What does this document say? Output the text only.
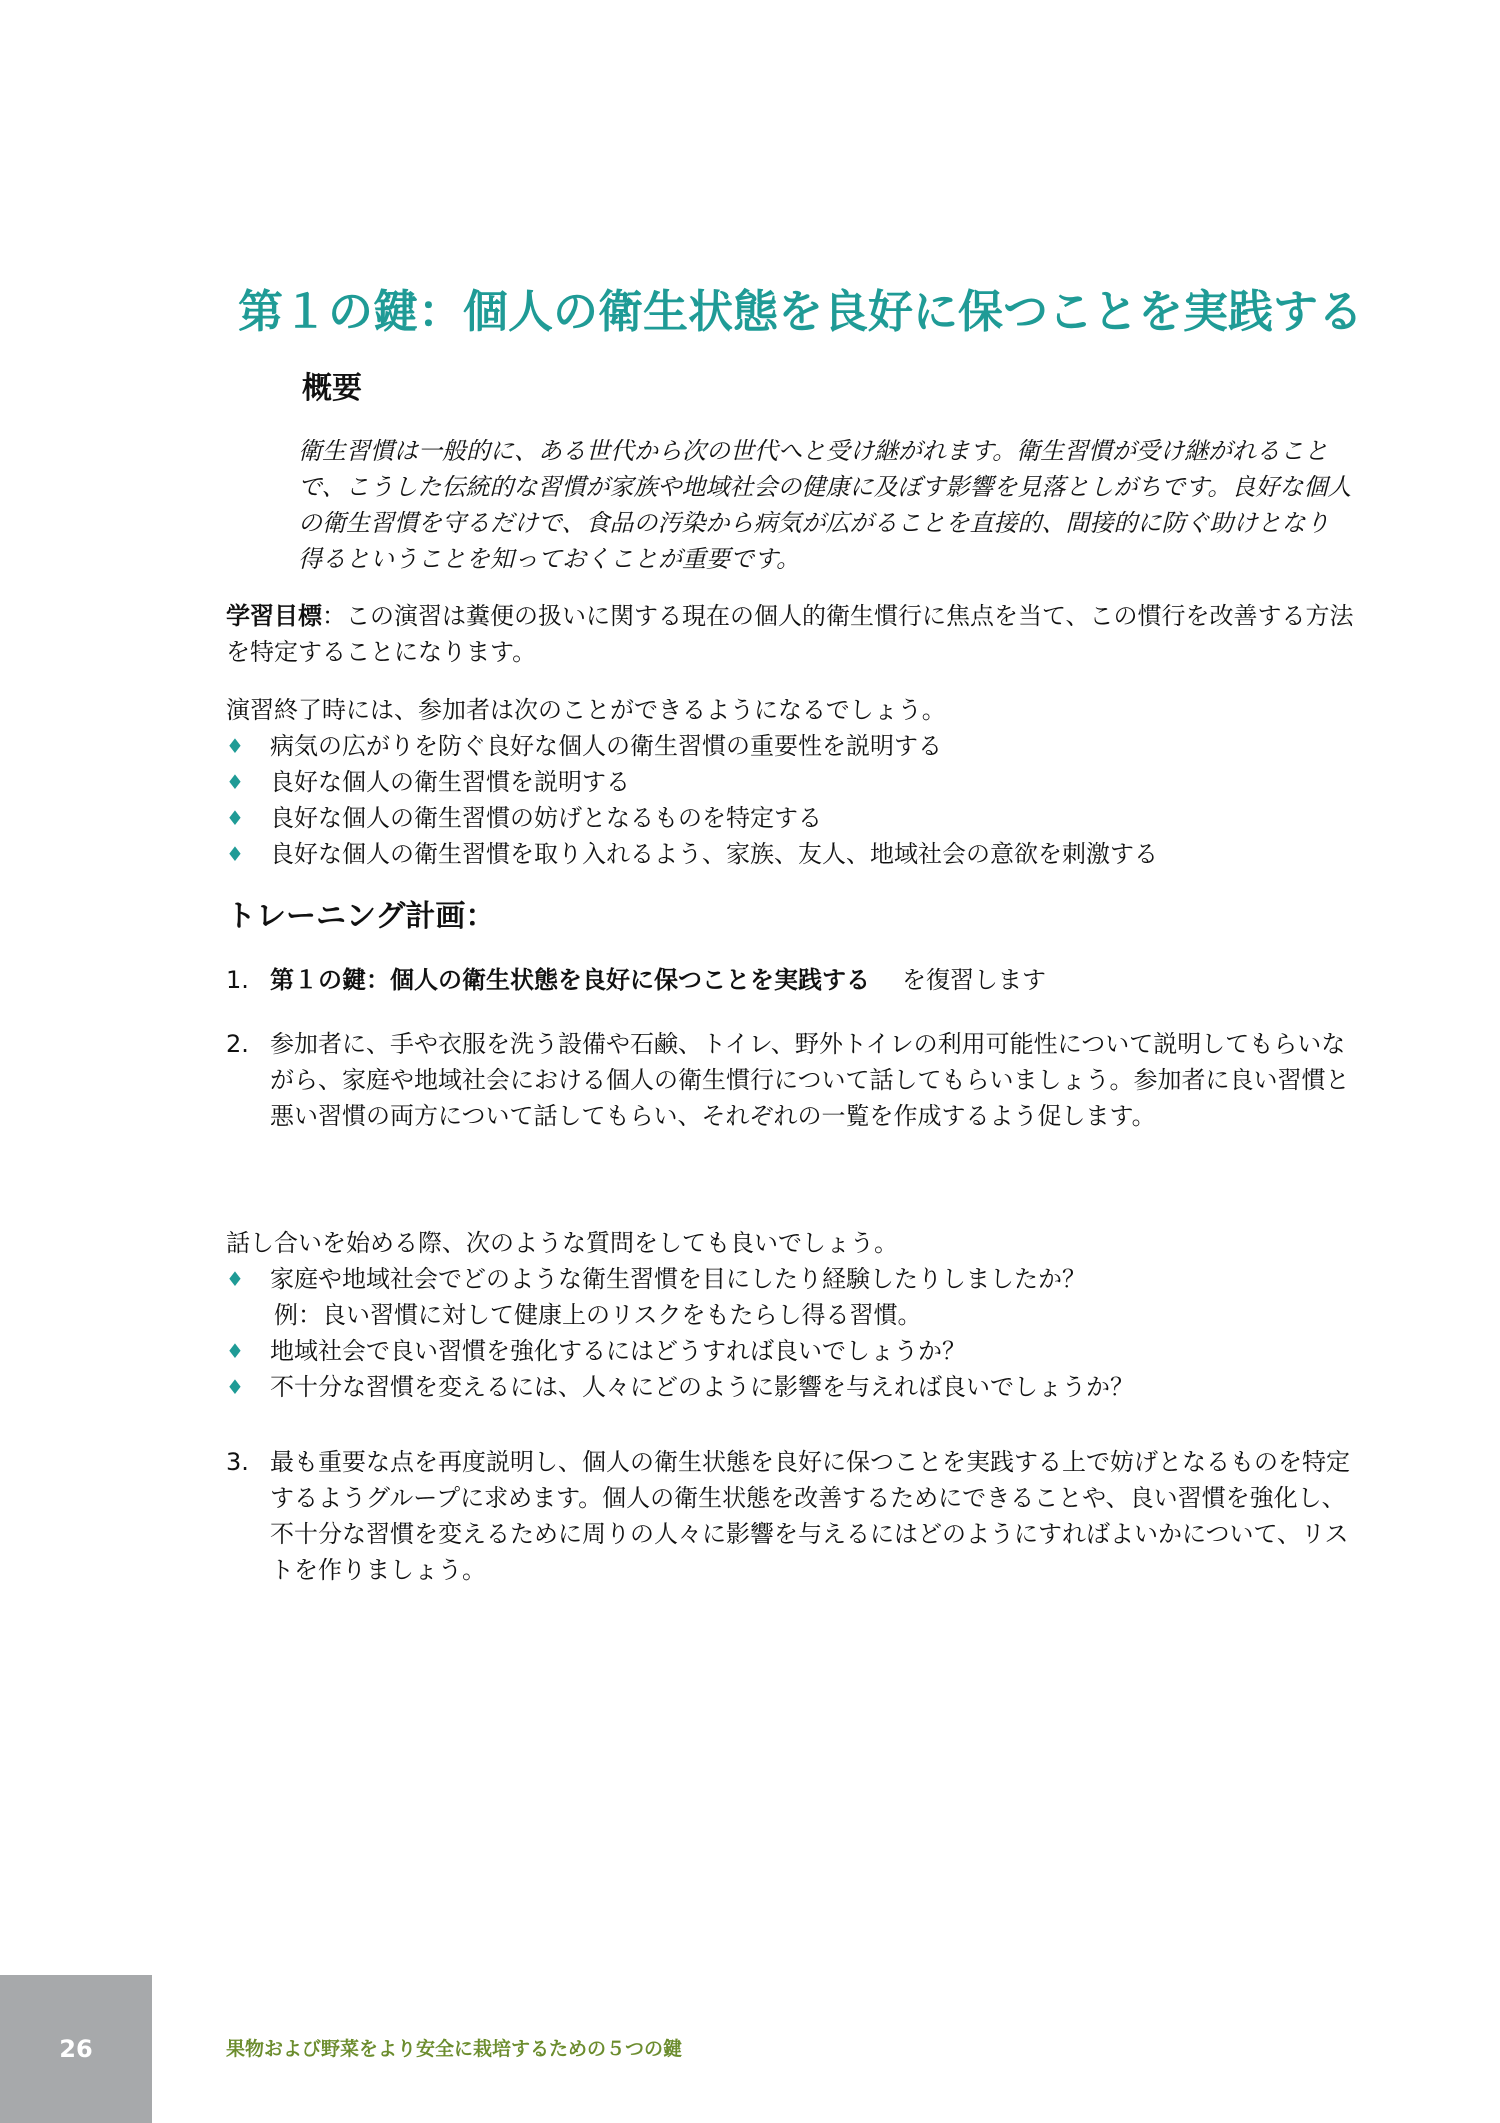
第１の鍵：個人の衛生状態を良好に保つことを実践する
概要

衛生習慣は一般的に、ある世代から次の世代へと受け継がれます。衛生習慣が受け継がれることで、こうした伝統的な習慣が家族や地域社会の健康に及ぼす影響を見落としがちです。良好な個人の衛生習慣を守るだけで、食品の汚染から病気が広がることを直接的、間接的に防ぐ助けとなり得るということを知っておくことが重要です。

学習目標：この演習は糞便の扱いに関する現在の個人的衛生慣行に焦点を当て、この慣行を改善する方法を特定することになります。

演習終了時には、参加者は次のことができるようになるでしょう。

♦ 病気の広がりを防ぐ良好な個人の衛生習慣の重要性を説明する
♦ 良好な個人の衛生習慣を説明する
♦ 良好な個人の衛生習慣の妨げとなるものを特定する
♦ 良好な個人の衛生習慣を取り入れるよう、家族、友人、地域社会の意欲を刺激する
トレーニング計画：
1. 第１の鍵：個人の衛生状態を良好に保つことを実践する を復習します
2. 参加者に、手や衣服を洗う設備や石鹸、トイレ、野外トイレの利用可能性について説明してもらいながら、家庭や地域社会における個人の衛生慣行について話してもらいましょう。参加者に良い習慣と悪い習慣の両方について話してもらい、それぞれの一覧を作成するよう促します。

話し合いを始める際、次のような質問をしても良いでしょう。

♦ 家庭や地域社会でどのような衛生習慣を目にしたり経験したりしましたか？

例：良い習慣に対して健康上のリスクをもたらし得る習慣。

♦ 地域社会で良い習慣を強化するにはどうすれば良いでしょうか？
♦ 不十分な習慣を変えるには、人々にどのように影響を与えれば良いでしょうか？
3. 最も重要な点を再度説明し、個人の衛生状態を良好に保つことを実践する上で妨げとなるものを特定するようグループに求めます。個人の衛生状態を改善するためにできることや、良い習慣を強化し、不十分な習慣を変えるために周りの人々に影響を与えるにはどのようにすればよいかについて、リストを作りましょう。
26	果物および野菜をより安全に栽培するための５つの鍵
